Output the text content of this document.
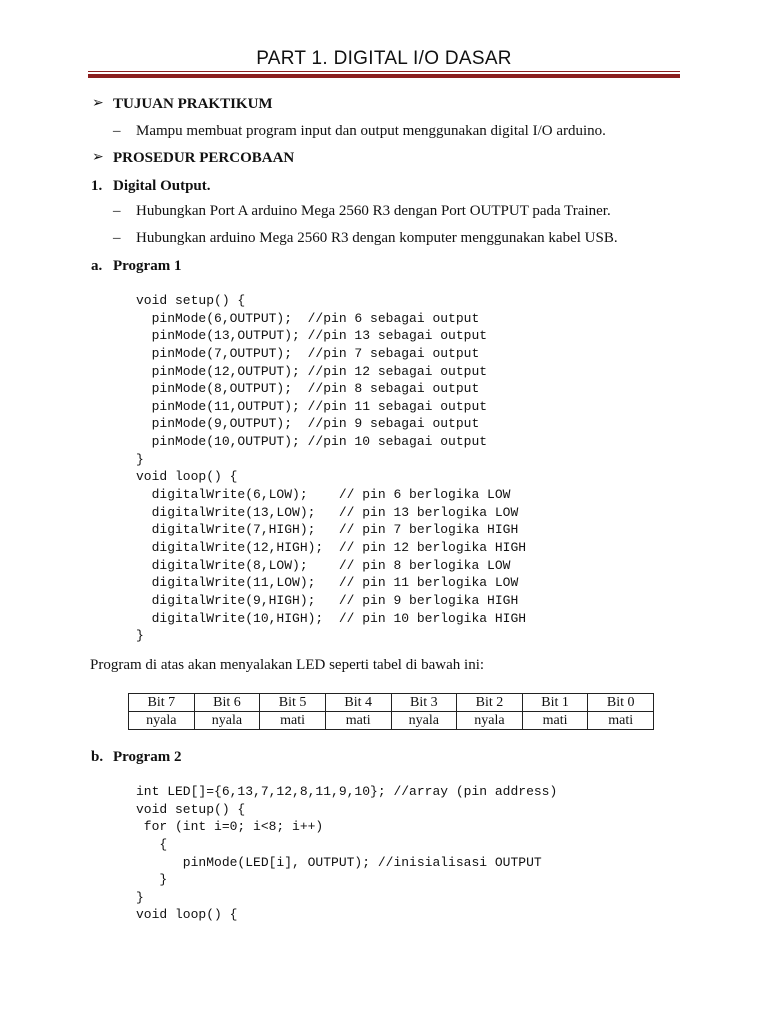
PART 1. DIGITAL I/O DASAR
➢ TUJUAN PRAKTIKUM
– Mampu membuat program input dan output menggunakan digital I/O arduino.
➢ PROSEDUR PERCOBAAN
1. Digital Output.
– Hubungkan Port A arduino Mega 2560 R3 dengan Port OUTPUT pada Trainer.
– Hubungkan arduino Mega 2560 R3 dengan komputer menggunakan kabel USB.
a. Program 1
void setup() {
pinMode(6,OUTPUT);  //pin 6 sebagai output
pinMode(13,OUTPUT); //pin 13 sebagai output
pinMode(7,OUTPUT);  //pin 7 sebagai output
pinMode(12,OUTPUT); //pin 12 sebagai output
pinMode(8,OUTPUT);  //pin 8 sebagai output
pinMode(11,OUTPUT); //pin 11 sebagai output
pinMode(9,OUTPUT);  //pin 9 sebagai output
pinMode(10,OUTPUT); //pin 10 sebagai output
}
void loop() {
digitalWrite(6,LOW);    // pin 6 berlogika LOW
digitalWrite(13,LOW);   // pin 13 berlogika LOW
digitalWrite(7,HIGH);   // pin 7 berlogika HIGH
digitalWrite(12,HIGH);  // pin 12 berlogika HIGH
digitalWrite(8,LOW);    // pin 8 berlogika LOW
digitalWrite(11,LOW);   // pin 11 berlogika LOW
digitalWrite(9,HIGH);   // pin 9 berlogika HIGH
digitalWrite(10,HIGH);  // pin 10 berlogika HIGH
}
Program di atas akan menyalakan LED seperti tabel di bawah ini:
Bit 7	Bit 6	Bit 5	Bit 4	Bit 3	Bit 2	Bit 1	Bit 0
nyala	nyala	mati	mati	nyala	nyala	mati	mati
b. Program 2
int LED[]={6,13,7,12,8,11,9,10}; //array (pin address)
void setup() {
for (int i=0; i<8; i++)
{
pinMode(LED[i], OUTPUT); //inisialisasi OUTPUT
}
}
void loop() {
